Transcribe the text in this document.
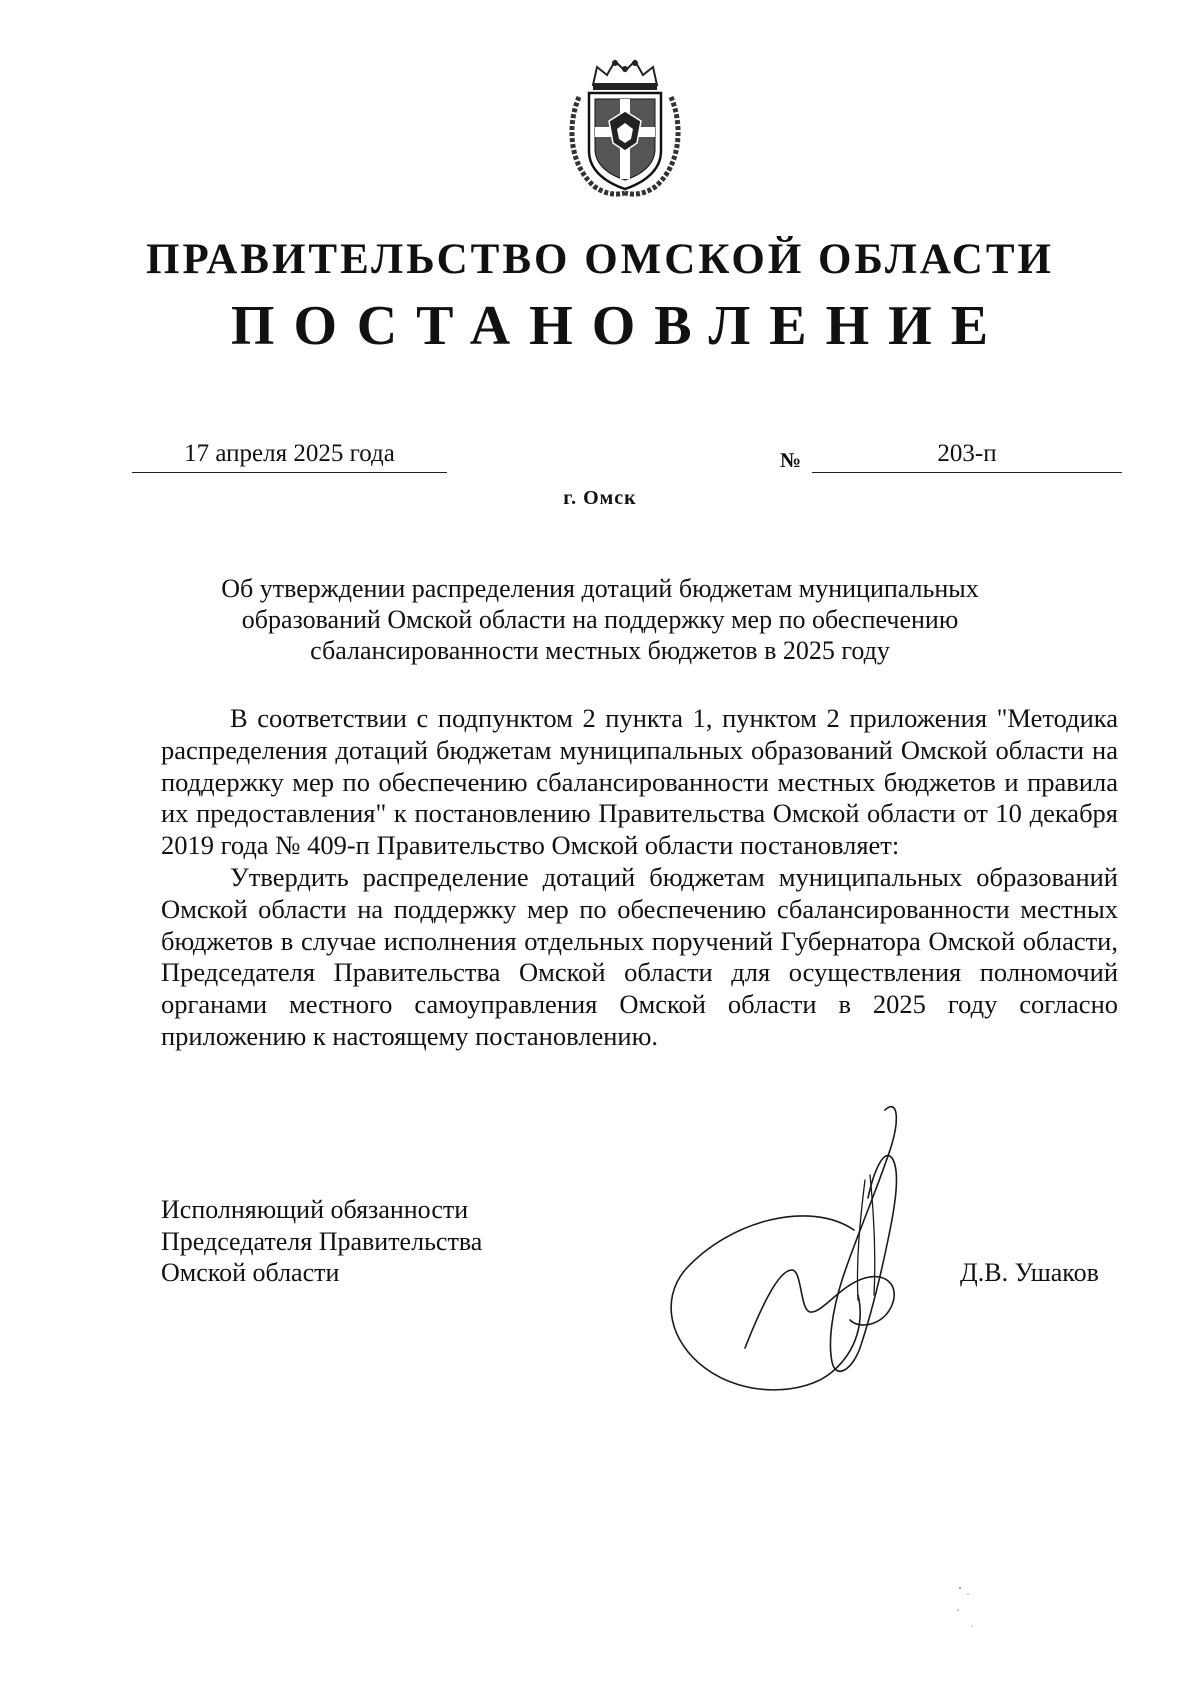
ПРАВИТЕЛЬСТВО ОМСКОЙ ОБЛАСТИ
ПОСТАНОВЛЕНИЕ
17 апреля 2025 года	№	203-п
г. Омск
Об утверждении распределения дотаций бюджетам муниципальных
образований Омской области на поддержку мер по обеспечению
сбалансированности местных бюджетов в 2025 году

В соответствии с подпунктом 2 пункта 1, пунктом 2 приложения "Методика распределения дотаций бюджетам муниципальных образований Омской области на поддержку мер по обеспечению сбалансированности местных бюджетов и правила их предоставления" к постановлению Правительства Омской области от 10 декабря 2019 года № 409-п Правительство Омской области постановляет:

Утвердить распределение дотаций бюджетам муниципальных образований Омской области на поддержку мер по обеспечению сбалансированности местных бюджетов в случае исполнения отдельных поручений Губернатора Омской области, Председателя Правительства Омской области для осуществления полномочий органами местного самоуправления Омской области в 2025 году согласно приложению к настоящему постановлению.

Исполняющий обязанности
Председателя Правительства
Омской области	Д.В. Ушаков
